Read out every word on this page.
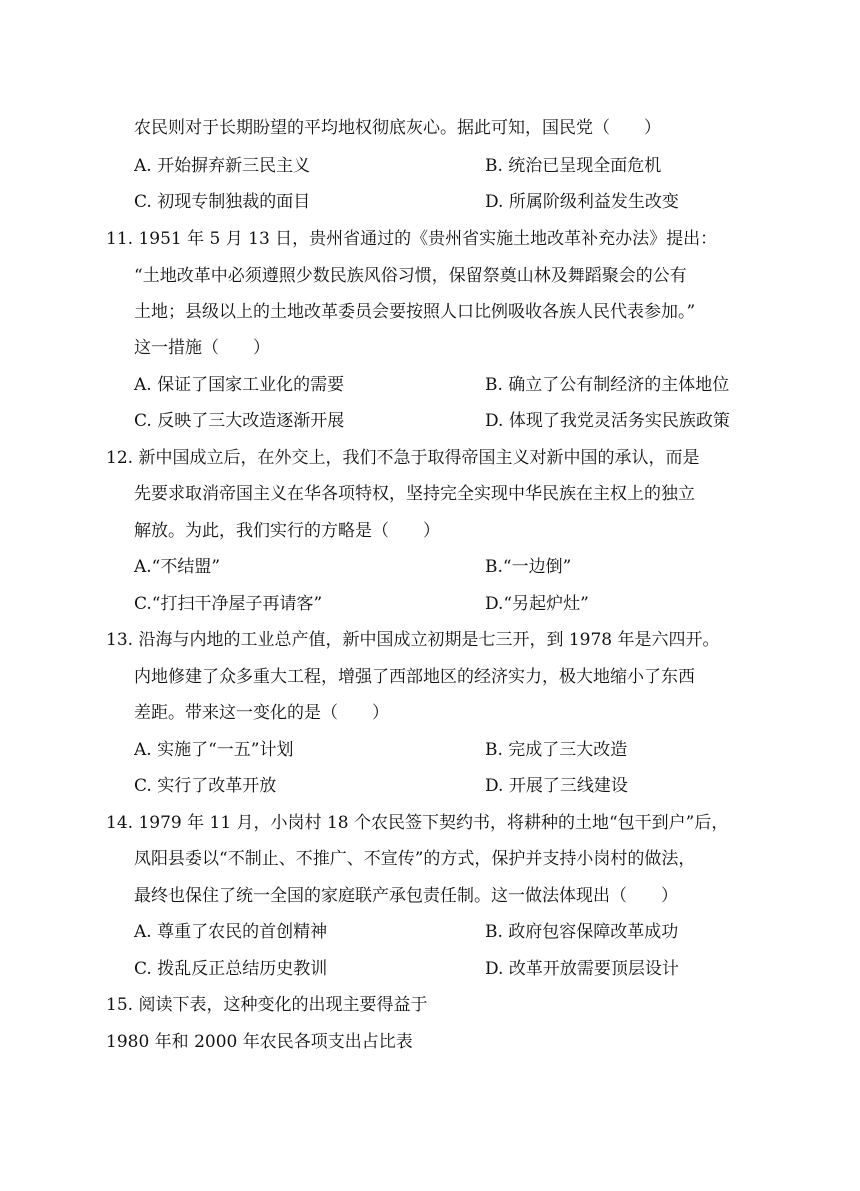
农民则对于长期盼望的平均地权彻底灰心。据此可知，国民党（　　）
A. 开始摒弃新三民主义	B. 统治已呈现全面危机
C. 初现专制独裁的面目	D. 所属阶级利益发生改变
11. 1951 年 5 月 13 日，贵州省通过的《贵州省实施土地改革补充办法》提出：
“土地改革中必须遵照少数民族风俗习惯，保留祭奠山林及舞蹈聚会的公有
土地；县级以上的土地改革委员会要按照人口比例吸收各族人民代表参加。”
这一措施（　　）
A. 保证了国家工业化的需要	B. 确立了公有制经济的主体地位
C. 反映了三大改造逐渐开展	D. 体现了我党灵活务实民族政策
12. 新中国成立后，在外交上，我们不急于取得帝国主义对新中国的承认，而是
先要求取消帝国主义在华各项特权，坚持完全实现中华民族在主权上的独立
解放。为此，我们实行的方略是（　　）
A.“不结盟”	B.“一边倒”
C.“打扫干净屋子再请客”	D.“另起炉灶”
13. 沿海与内地的工业总产值，新中国成立初期是七三开，到 1978 年是六四开。
内地修建了众多重大工程，增强了西部地区的经济实力，极大地缩小了东西
差距。带来这一变化的是（　　）
A. 实施了“一五”计划	B. 完成了三大改造
C. 实行了改革开放	D. 开展了三线建设
14. 1979 年 11 月，小岗村 18 个农民签下契约书，将耕种的土地“包干到户”后，
凤阳县委以“不制止、不推广、不宣传”的方式，保护并支持小岗村的做法，
最终也保住了统一全国的家庭联产承包责任制。这一做法体现出（　　）
A. 尊重了农民的首创精神	B. 政府包容保障改革成功
C. 拨乱反正总结历史教训	D. 改革开放需要顶层设计
15. 阅读下表，这种变化的出现主要得益于
1980 年和 2000 年农民各项支出占比表
